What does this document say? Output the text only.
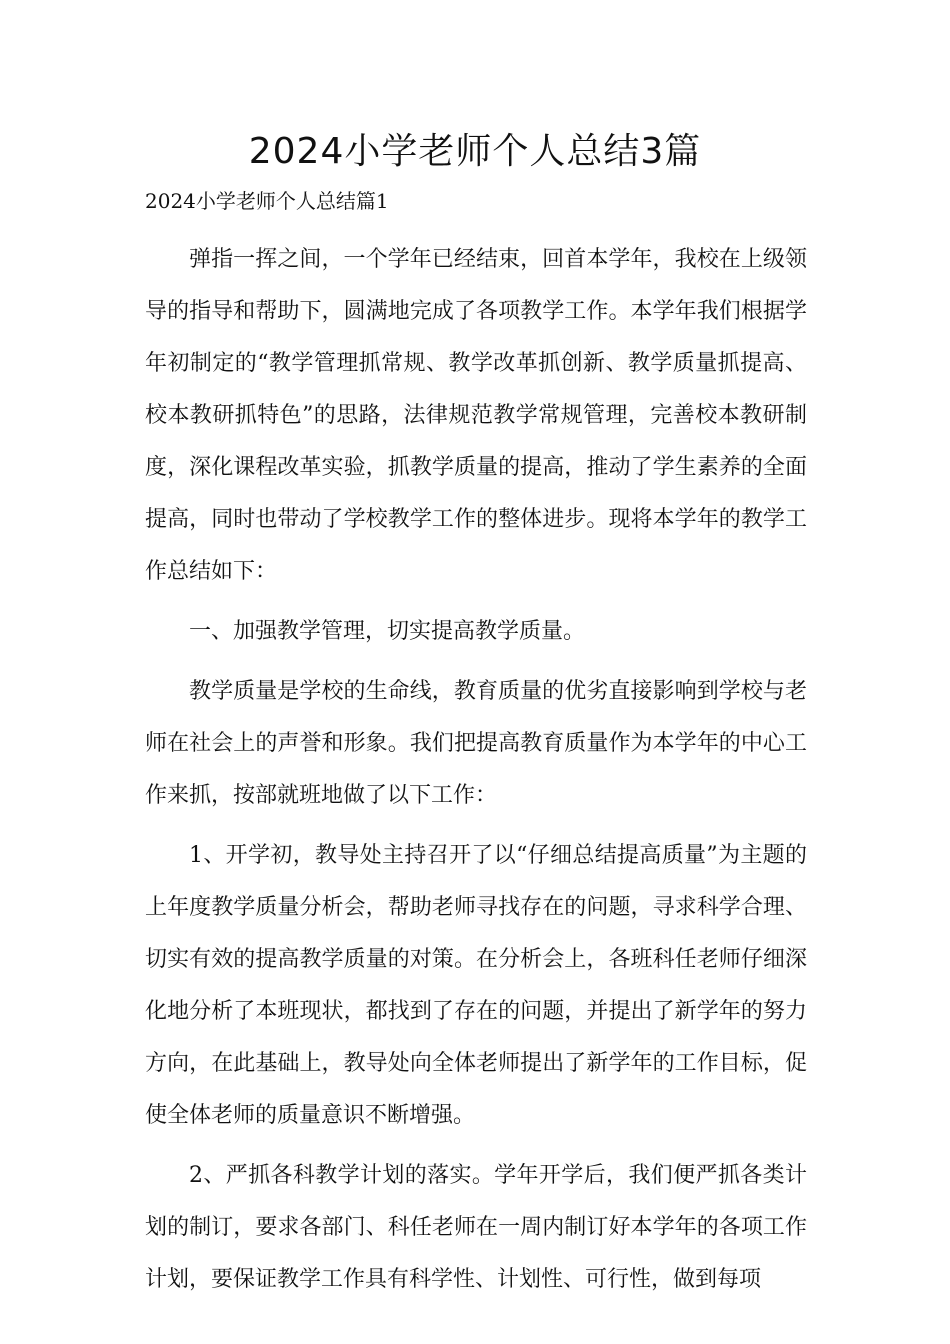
2024小学老师个人总结3篇

2024小学老师个人总结篇1

弹指一挥之间，一个学年已经结束，回首本学年，我校在上级领导的指导和帮助下，圆满地完成了各项教学工作。本学年我们根据学年初制定的“教学管理抓常规、教学改革抓创新、教学质量抓提高、校本教研抓特色”的思路，法律规范教学常规管理，完善校本教研制度，深化课程改革实验，抓教学质量的提高，推动了学生素养的全面提高，同时也带动了学校教学工作的整体进步。现将本学年的教学工作总结如下：

一、加强教学管理，切实提高教学质量。

教学质量是学校的生命线，教育质量的优劣直接影响到学校与老师在社会上的声誉和形象。我们把提高教育质量作为本学年的中心工作来抓，按部就班地做了以下工作：

1、开学初，教导处主持召开了以“仔细总结提高质量”为主题的上年度教学质量分析会，帮助老师寻找存在的问题，寻求科学合理、切实有效的提高教学质量的对策。在分析会上，各班科任老师仔细深化地分析了本班现状，都找到了存在的问题，并提出了新学年的努力方向，在此基础上，教导处向全体老师提出了新学年的工作目标，促使全体老师的质量意识不断增强。

2、严抓各科教学计划的落实。学年开学后，我们便严抓各类计划的制订，要求各部门、科任老师在一周内制订好本学年的各项工作计划，要保证教学工作具有科学性、计划性、可行性，做到每项
